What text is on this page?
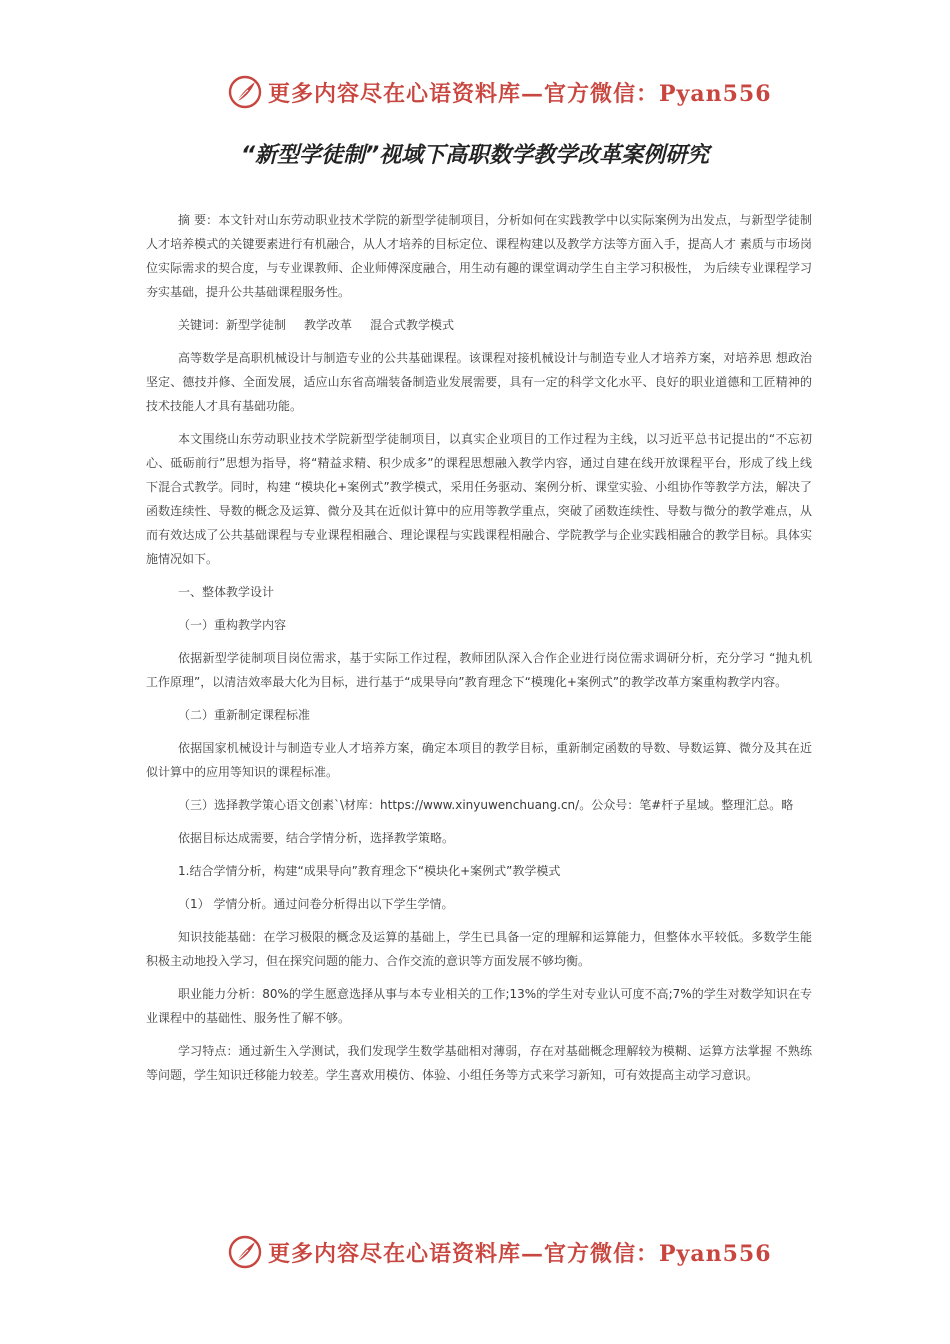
更多内容尽在心语资料库—官方微信：Pyan556
“新型学徒制”视域下高职数学教学改革案例研究

摘 要：本文针对山东劳动职业技术学院的新型学徒制项目，分析如何在实践教学中以实际案例为出发点，与新型学徒制人才培养模式的关键要素进行有机融合，从人才培养的目标定位、课程构建以及教学方法等方面入手，提高人才 素质与市场岗位实际需求的契合度，与专业课教师、企业师傅深度融合，用生动有趣的课堂调动学生自主学习积极性， 为后续专业课程学习夯实基础，提升公共基础课程服务性。

关键词：新型学徒制 教学改革 混合式教学模式

高等数学是高职机械设计与制造专业的公共基础课程。该课程对接机械设计与制造专业人才培养方案，对培养思 想政治坚定、德技并修、全面发展，适应山东省高端装备制造业发展需要，具有一定的科学文化水平、良好的职业道德和工匠精神的技术技能人才具有基础功能。

本文围绕山东劳动职业技术学院新型学徒制项目，以真实企业项目的工作过程为主线，以习近平总书记提出的“不忘初心、砥砺前行”思想为指导，将“精益求精、积少成多”的课程思想融入教学内容，通过自建在线开放课程平台，形成了线上线下混合式教学。同时，构建 “模块化+案例式”教学模式，采用任务驱动、案例分析、课堂实验、小组协作等教学方法，解决了函数连续性、导数的概念及运算、微分及其在近似计算中的应用等教学重点，突破了函数连续性、导数与微分的教学难点，从而有效达成了公共基础课程与专业课程相融合、理论课程与实践课程相融合、学院教学与企业实践相融合的教学目标。具体实施情况如下。

一、整体教学设计

（一）重构教学内容

依据新型学徒制项目岗位需求，基于实际工作过程，教师团队深入合作企业进行岗位需求调研分析，充分学习 “抛丸机工作原理”，以清洁效率最大化为目标，进行基于“成果导向”教育理念下“模瑰化+案例式”的教学改革方案重构教学内容。

（二）重新制定课程标准

依据国家机械设计与制造专业人才培养方案，确定本项目的教学目标，重新制定函数的导数、导数运算、微分及其在近似计算中的应用等知识的课程标准。

（三）选择教学策心语文创素`\材库：https://www.xinyuwenchuang.cn/。公众号：笔#杆子星域。整理汇总。略

依据目标达成需要，结合学情分析，选择教学策略。

1.结合学情分析，构建“成果导向”教育理念下“模块化+案例式”教学模式

（1） 学情分析。通过问卷分析得出以下学生学情。

知识技能基础：在学习极限的概念及运算的基础上，学生已具备一定的理解和运算能力，但整体水平较低。多数学生能积极主动地投入学习，但在探究问题的能力、合作交流的意识等方面发展不够均衡。

职业能力分析：80%的学生愿意选择从事与本专业相关的工作;13%的学生对专业认可度不高;7%的学生对数学知识在专业课程中的基础性、服务性了解不够。

学习特点：通过新生入学测试，我们发现学生数学基础相对薄弱，存在对基础概念理解较为模糊、运算方法掌握 不熟练等问题，学生知识迁移能力较差。学生喜欢用模仿、体验、小组任务等方式来学习新知，可有效提高主动学习意识。

更多内容尽在心语资料库—官方微信：Pyan556
